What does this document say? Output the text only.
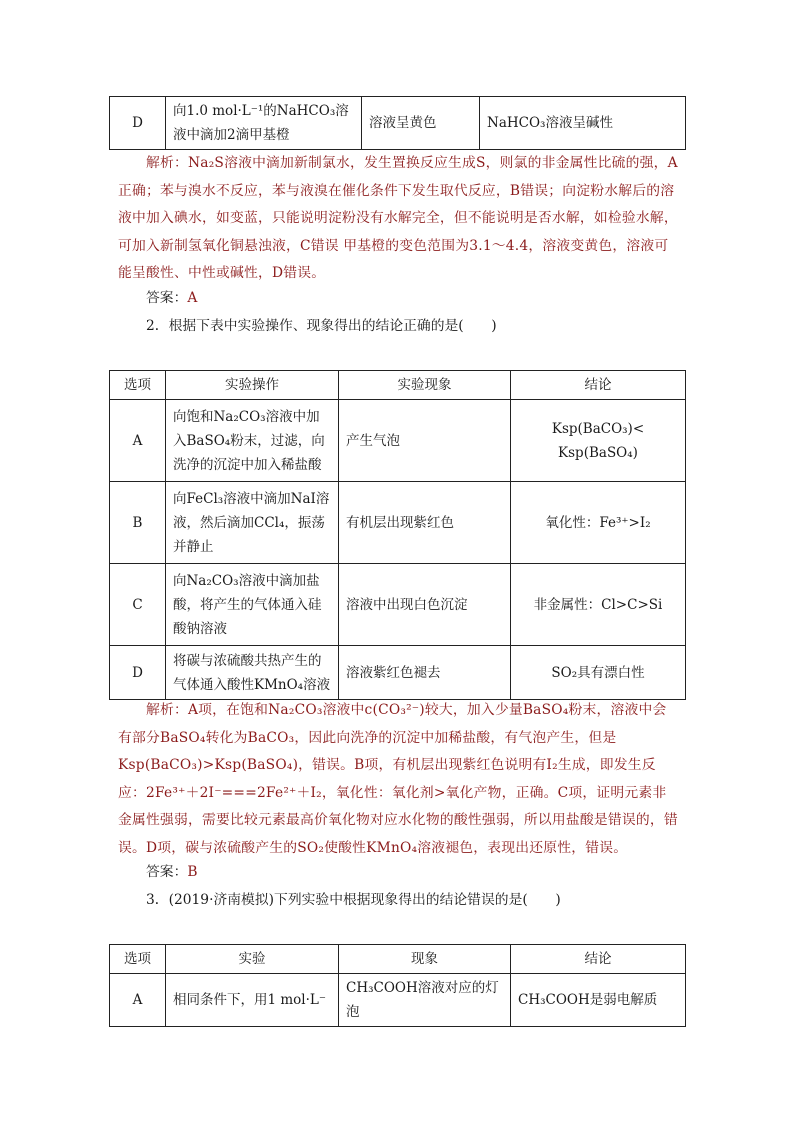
D	向1.0 mol·L⁻¹的NaHCO₃溶液中滴加2滴甲基橙	溶液呈黄色	NaHCO₃溶液呈碱性
解析：Na₂S溶液中滴加新制氯水，发生置换反应生成S，则氯的非金属性比硫的强，A正确；苯与溴水不反应，苯与液溴在催化条件下发生取代反应，B错误；向淀粉水解后的溶液中加入碘水，如变蓝，只能说明淀粉没有水解完全，但不能说明是否水解，如检验水解，可加入新制氢氧化铜悬浊液，C错误 甲基橙的变色范围为3.1～4.4，溶液变黄色，溶液可能呈酸性、中性或碱性，D错误。
答案：A
2．根据下表中实验操作、现象得出的结论正确的是(　　)
选项	实验操作	实验现象	结论
A	向饱和Na₂CO₃溶液中加入BaSO₄粉末，过滤，向洗净的沉淀中加入稀盐酸	产生气泡	Ksp(BaCO₃)<
Ksp(BaSO₄)

B	向FeCl₃溶液中滴加NaI溶液，然后滴加CCl₄，振荡并静止	有机层出现紫红色	氧化性：Fe³⁺>I₂
C	向Na₂CO₃溶液中滴加盐酸，将产生的气体通入硅酸钠溶液	溶液中出现白色沉淀	非金属性：Cl>C>Si
D	将碳与浓硫酸共热产生的气体通入酸性KMnO₄溶液	溶液紫红色褪去	SO₂具有漂白性
解析：A项，在饱和Na₂CO₃溶液中c(CO₃²⁻)较大，加入少量BaSO₄粉末，溶液中会有部分BaSO₄转化为BaCO₃，因此向洗净的沉淀中加稀盐酸，有气泡产生，但是Ksp(BaCO₃)>Ksp(BaSO₄)，错误。B项，有机层出现紫红色说明有I₂生成，即发生反应：2Fe³⁺＋2I⁻===2Fe²⁺＋I₂，氧化性：氧化剂>氧化产物，正确。C项，证明元素非金属性强弱，需要比较元素最高价氧化物对应水化物的酸性强弱，所以用盐酸是错误的，错误。D项，碳与浓硫酸产生的SO₂使酸性KMnO₄溶液褪色，表现出还原性，错误。
答案：B
3．(2019·济南模拟)下列实验中根据现象得出的结论错误的是(　　)
选项	实验	现象	结论
A	相同条件下，用1 mol·L⁻	CH₃COOH溶液对应的灯泡	CH₃COOH是弱电解质
